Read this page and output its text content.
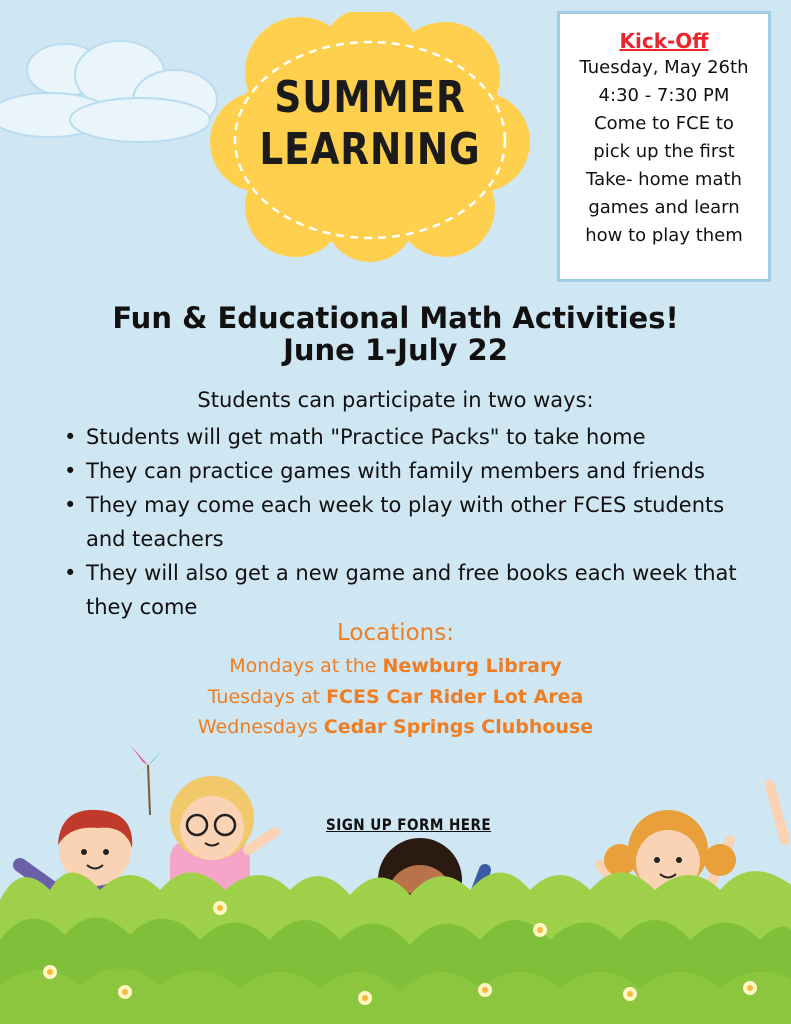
SUMMER
LEARNING
Kick-Off
Tuesday, May 26th
4:30 - 7:30 PM
Come to FCE to
pick up the first
Take- home math
games and learn
how to play them
Fun & Educational Math Activities!
June 1-July 22
Students can participate in two ways:
• Students will get math "Practice Packs" to take home
• They can practice games with family members and friends
• They may come each week to play with other FCES students and teachers
• They will also get a new game and free books each week that they come
Locations:
Mondays at the Newburg Library
Tuesdays at FCES Car Rider Lot Area
Wednesdays Cedar Springs Clubhouse
SIGN UP FORM HERE
